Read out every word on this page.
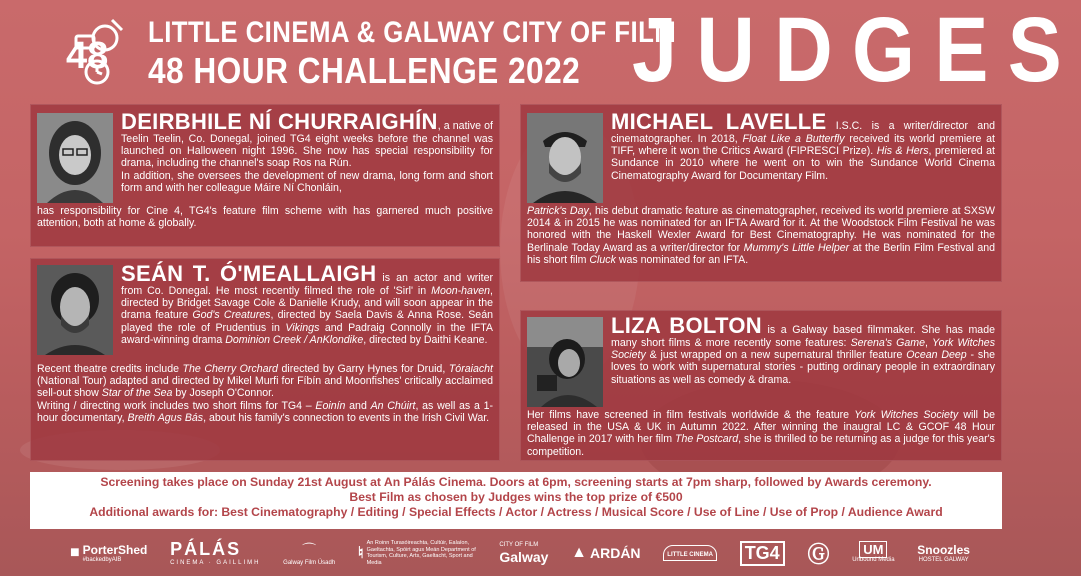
48
LITTLE CINEMA & GALWAY CITY OF FILM
48 HOUR CHALLENGE 2022 JUDGES

DEIRBHILE NÍ CHURRAIGHÍN, a native of Teelin Teelin, Co. Donegal, joined TG4 eight weeks before the channel was launched on Halloween night 1996. She now has special responsibility for drama, including the channel's soap Ros na Rún.

In addition, she oversees the development of new drama, long form and short form and with her colleague Máire Ní Chonláin,

has responsibility for Cine 4, TG4's feature film scheme with has garnered much positive attention, both at home & globally.

SEÁN T. Ó'MEALLAIGH is an actor and writer from Co. Donegal. He most recently filmed the role of 'Sirl' in Moon-haven, directed by Bridget Savage Cole & Danielle Krudy, and will soon appear in the drama feature God's Creatures, directed by Saela Davis & Anna Rose. Seán played the role of Prudentius in Vikings and Padraig Connolly in the IFTA award-winning drama Dominion Creek / AnKlondike, directed by Daithi Keane.

Recent theatre credits include The Cherry Orchard directed by Garry Hynes for Druid, Tóraiacht (National Tour) adapted and directed by Mikel Murfi for Fíbín and Moonfishes' critically acclaimed sell-out show Star of the Sea by Joseph O'Connor.

Writing / directing work includes two short films for TG4 – Eoinín and An Chúirt, as well as a 1-hour documentary, Breith Agus Bás, about his family's connection to events in the Irish Civil War.

MICHAEL LAVELLE I.S.C. is a writer/director and cinematographer. In 2018, Float Like a Butterfly received its world premiere at TIFF, where it won the Critics Award (FIPRESCI Prize). His & Hers, premiered at Sundance in 2010 where he went on to win the Sundance World Cinema Cinematography Award for Documentary Film.

Patrick's Day, his debut dramatic feature as cinematographer, received its world premiere at SXSW 2014 & in 2015 he was nominated for an IFTA Award for it. At the Woodstock Film Festival he was honored with the Haskell Wexler Award for Best Cinematography. He was nominated for the Berlinale Today Award as a writer/director for Mummy's Little Helper at the Berlin Film Festival and his short film Cluck was nominated for an IFTA.

LIZA BOLTON is a Galway based filmmaker. She has made many short films & more recently some features: Serena's Game, York Witches Society & just wrapped on a new supernatural thriller feature Ocean Deep - she loves to work with supernatural stories - putting ordinary people in extraordinary situations as well as comedy & drama.

Her films have screened in film festivals worldwide & the feature York Witches Society will be released in the USA & UK in Autumn 2022. After winning the inaugral LC & GCOF 48 Hour Challenge in 2017 with her film The Postcard, she is thrilled to be returning as a judge for this year's competition.

Screening takes place on Sunday 21st August at An Pálás Cinema. Doors at 6pm, screening starts at 7pm sharp, followed by Awards ceremony.
Best Film as chosen by Judges wins the top prize of €500
Additional awards for: Best Cinematography / Editing / Special Effects / Actor / Actress / Musical Score / Use of Line / Use of Prop / Audience Award
■ PorterShed
#backedbyAIB
PÁLÁS
CINEMA · GAILLIMH
⌒
Galway Film Úsadh
♮
An Roinn Turasóireachta, Cultúir, Ealaíon, Gaeltachta, Spóirt agus Meán Department of Tourism, Culture, Arts, Gaeltacht, Sport and Media
CITY OF FILM
Galway ▲ ARDÁN	LITTLE CINEMA TG4 Ⓖ	UM
Unbound Media
Snoozles
HOSTEL GALWAY
